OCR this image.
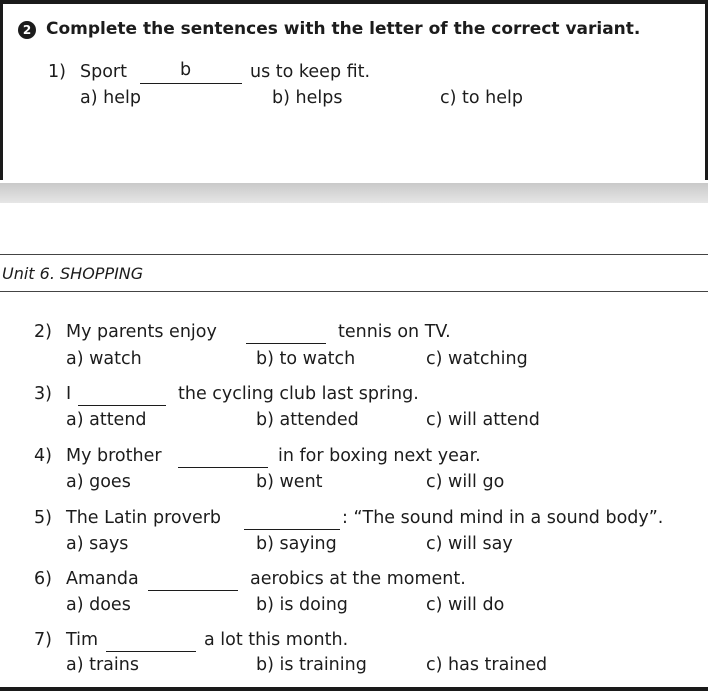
2 Complete the sentences with the letter of the correct variant.
1) Sport	b	us to keep fit.
a) help	b) helps	c) to help
Unit 6. SHOPPING
2) My parents enjoy	tennis on TV.
a) watch	b) to watch	c) watching
3) I	the cycling club last spring.
a) attend	b) attended	c) will attend
4) My brother	in for boxing next year.
a) goes	b) went	c) will go
5) The Latin proverb	: “The sound mind in a sound body”.
a) says	b) saying	c) will say
6) Amanda	aerobics at the moment.
a) does	b) is doing	c) will do
7) Tim	a lot this month.
a) trains	b) is training	c) has trained
